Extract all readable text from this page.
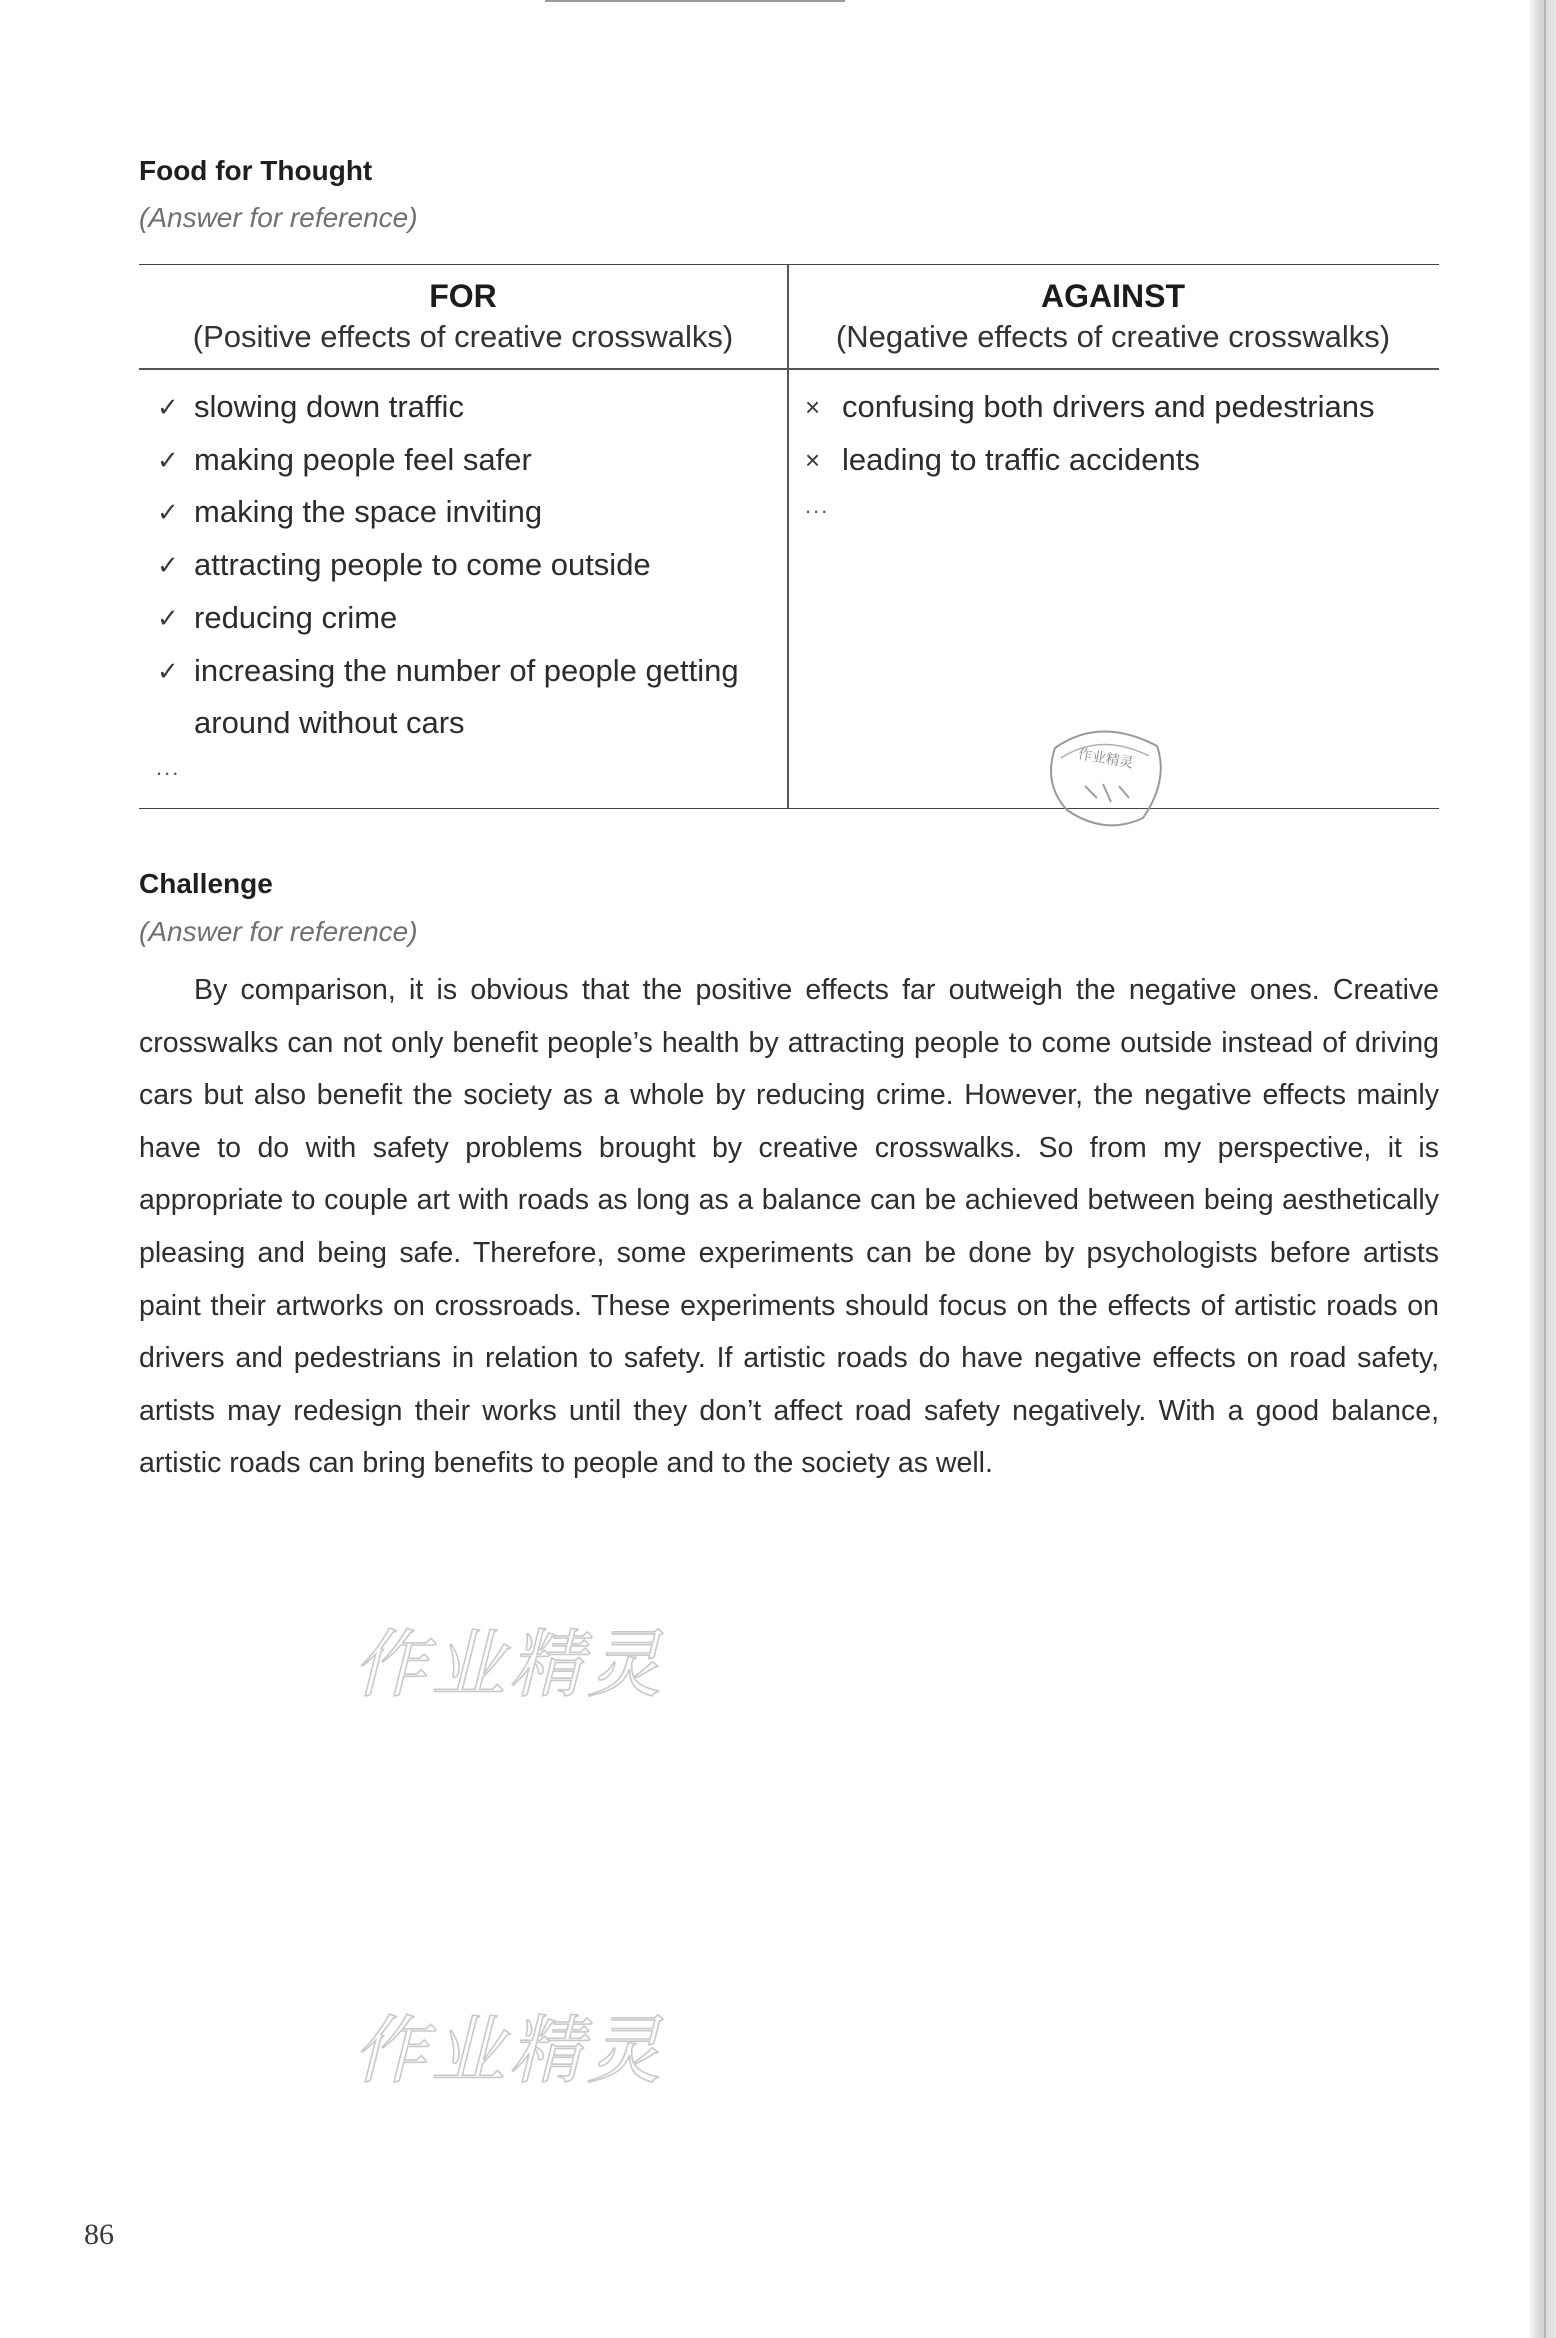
Food for Thought

(Answer for reference)

FOR
(Positive effects of creative crosswalks)
AGAINST
(Negative effects of creative crosswalks)
✓ slowing down traffic
✓ making people feel safer
✓ making the space inviting
✓ attracting people to come outside
✓ reducing crime
✓ increasing the number of people getting around without cars
...
× confusing both drivers and pedestrians
× leading to traffic accidents
...
作业精灵
Challenge

(Answer for reference)

By comparison, it is obvious that the positive effects far outweigh the negative ones. Creative crosswalks can not only benefit people’s health by attracting people to come outside instead of driving cars but also benefit the society as a whole by reducing crime. However, the negative effects mainly have to do with safety problems brought by creative crosswalks. So from my perspective, it is appropriate to couple art with roads as long as a balance can be achieved between being aesthetically pleasing and being safe. Therefore, some experiments can be done by psychologists before artists paint their artworks on crossroads. These experiments should focus on the effects of artistic roads on drivers and pedestrians in relation to safety. If artistic roads do have negative effects on road safety, artists may redesign their works until they don’t affect road safety negatively. With a good balance, artistic roads can bring benefits to people and to the society as well.

作业精灵
作业精灵
86
